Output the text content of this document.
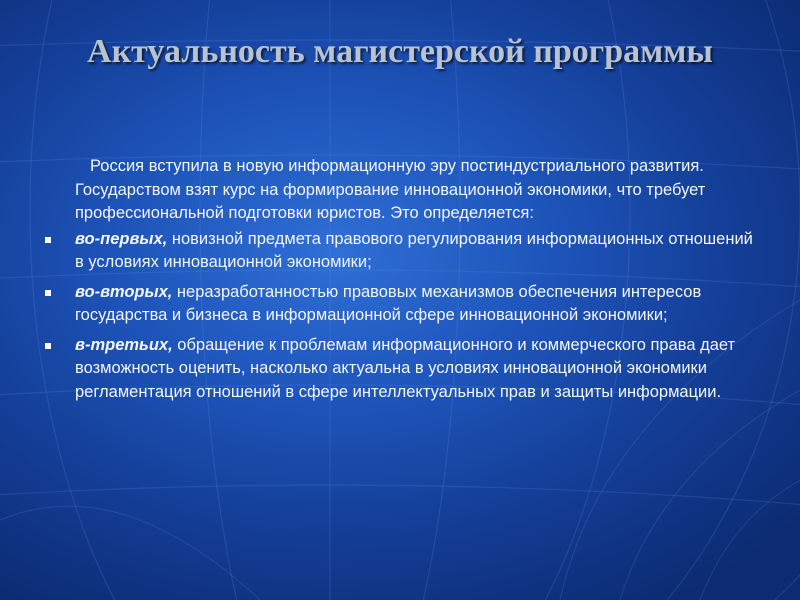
Актуальность магистерской программы

Россия вступила в новую информационную эру постиндустриального развития. Государством взят курс на формирование инновационной экономики, что требует профессиональной подготовки юристов. Это определяется:

во-первых, новизной предмета правового регулирования информационных отношений в условиях инновационной экономики;
во-вторых, неразработанностью правовых механизмов обеспечения интересов государства и бизнеса в информационной сфере инновационной экономики;
в-третьих, обращение к проблемам информационного и коммерческого права дает возможность оценить, насколько актуальна в условиях инновационной экономики регламентация отношений в сфере интеллектуальных прав и защиты информации.
